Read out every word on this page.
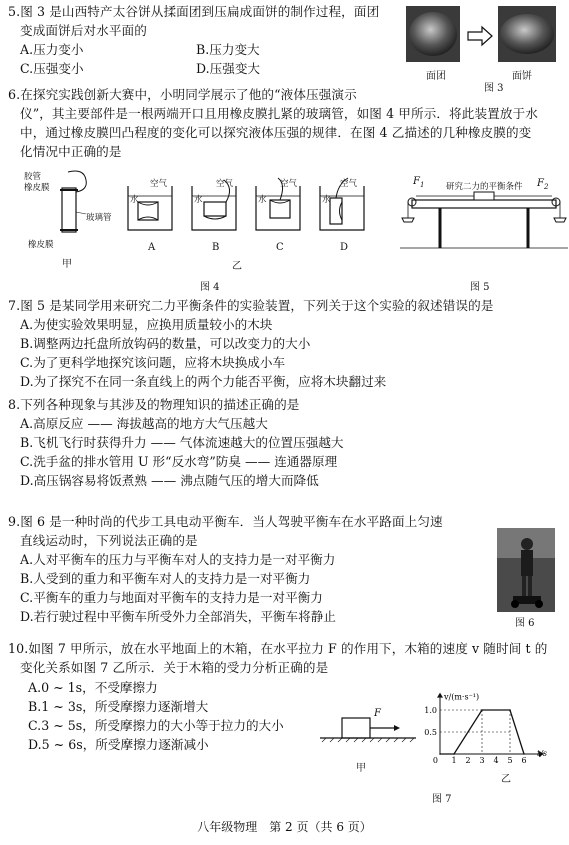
5.图 3 是山西特产太谷饼从揉面团到压扁成面饼的制作过程，面团
变成面饼后对水平面的
A.压力变小	B.压力变大
C.压强变小	D.压强变大
面团	面饼
图 3
6.在探究实践创新大赛中，小明同学展示了他的“液体压强演示
仪”，其主要部件是一根两端开口且用橡皮膜扎紧的玻璃管，如图 4 甲所示．将此装置放于水
中，通过橡皮膜凹凸程度的变化可以探究液体压强的规律．在图 4 乙描述的几种橡皮膜的变
化情况中正确的是
胶管
橡皮膜
玻璃管
橡皮膜
甲
空气	空气	空气	空气
水	水	水	水
A	B	C	D
乙
图 4
研究二力的平衡条件
$F_1$	$F_2$
图 5
7.图 5 是某同学用来研究二力平衡条件的实验装置，下列关于这个实验的叙述错误的是
A.为使实验效果明显，应换用质量较小的木块
B.调整两边托盘所放钩码的数量，可以改变力的大小
C.为了更科学地探究该问题，应将木块换成小车
D.为了探究不在同一条直线上的两个力能否平衡，应将木块翻过来
8.下列各种现象与其涉及的物理知识的描述正确的是
A.高原反应 —— 海拔越高的地方大气压越大
B.飞机飞行时获得升力 —— 气体流速越大的位置压强越大
C.洗手盆的排水管用 U 形“反水弯”防臭 —— 连通器原理
D.高压锅容易将饭煮熟 —— 沸点随气压的增大而降低
9.图 6 是一种时尚的代步工具电动平衡车．当人驾驶平衡车在水平路面上匀速
直线运动时，下列说法正确的是
A.人对平衡车的压力与平衡车对人的支持力是一对平衡力
B.人受到的重力和平衡车对人的支持力是一对平衡力
C.平衡车的重力与地面对平衡车的支持力是一对平衡力
D.若行驶过程中平衡车所受外力全部消失，平衡车将静止	图 6
10.如图 7 甲所示，放在水平地面上的木箱，在水平拉力 F 的作用下，木箱的速度 v 随时间 t 的
变化关系如图 7 乙所示．关于木箱的受力分析正确的是
A.0 ~ 1s，不受摩擦力
B.1 ~ 3s，所受摩擦力逐渐增大
C.3 ~ 5s，所受摩擦力的大小等于拉力的大小
D.5 ~ 6s，所受摩擦力逐渐减小
F
甲
v/(m·s⁻¹)
t/s
0.5
1.0
1 2 3 4 5 6
0
乙
图 7
八年级物理　第 2 页（共 6 页）
